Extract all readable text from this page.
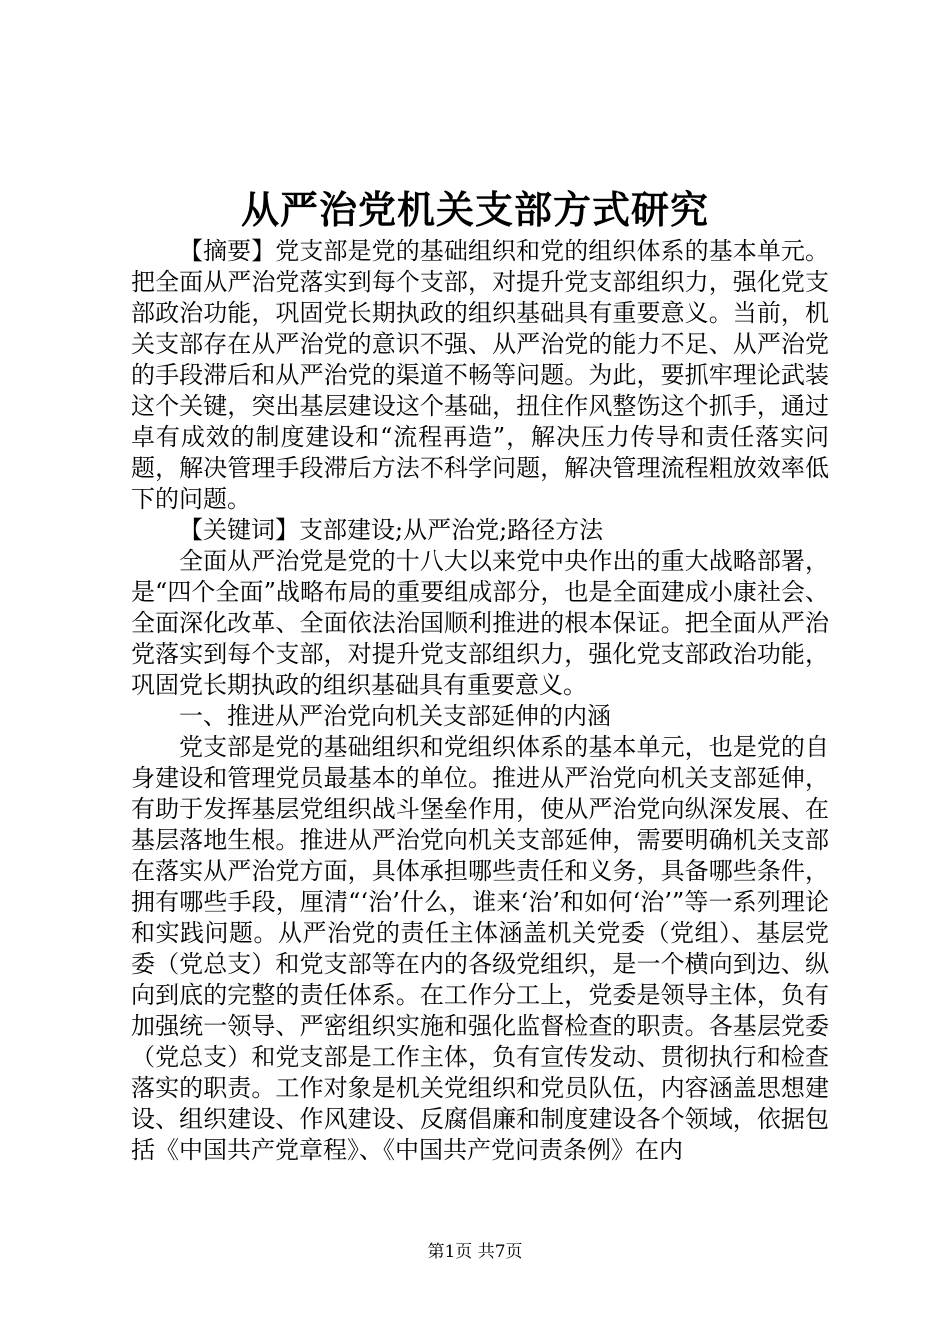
从严治党机关支部方式研究

【摘要】党支部是党的基础组织和党的组织体系的基本单元。把全面从严治党落实到每个支部，对提升党支部组织力，强化党支部政治功能，巩固党长期执政的组织基础具有重要意义。当前，机关支部存在从严治党的意识不强、从严治党的能力不足、从严治党的手段滞后和从严治党的渠道不畅等问题。为此，要抓牢理论武装这个关键，突出基层建设这个基础，扭住作风整饬这个抓手，通过卓有成效的制度建设和“流程再造”，解决压力传导和责任落实问题，解决管理手段滞后方法不科学问题，解决管理流程粗放效率低下的问题。

【关键词】支部建设;从严治党;路径方法

全面从严治党是党的十八大以来党中央作出的重大战略部署，是“四个全面”战略布局的重要组成部分，也是全面建成小康社会、全面深化改革、全面依法治国顺利推进的根本保证。把全面从严治党落实到每个支部，对提升党支部组织力，强化党支部政治功能，巩固党长期执政的组织基础具有重要意义。

一、推进从严治党向机关支部延伸的内涵

党支部是党的基础组织和党组织体系的基本单元，也是党的自身建设和管理党员最基本的单位。推进从严治党向机关支部延伸，有助于发挥基层党组织战斗堡垒作用，使从严治党向纵深发展、在基层落地生根。推进从严治党向机关支部延伸，需要明确机关支部在落实从严治党方面，具体承担哪些责任和义务，具备哪些条件，拥有哪些手段，厘清“‘治’什么，谁来‘治’和如何‘治’”等一系列理论和实践问题。从严治党的责任主体涵盖机关党委（党组）、基层党委（党总支）和党支部等在内的各级党组织，是一个横向到边、纵向到底的完整的责任体系。在工作分工上，党委是领导主体，负有加强统一领导、严密组织实施和强化监督检查的职责。各基层党委（党总支）和党支部是工作主体，负有宣传发动、贯彻执行和检查落实的职责。工作对象是机关党组织和党员队伍，内容涵盖思想建设、组织建设、作风建设、反腐倡廉和制度建设各个领域，依据包括《中国共产党章程》、《中国共产党问责条例》在内

第1页 共7页
